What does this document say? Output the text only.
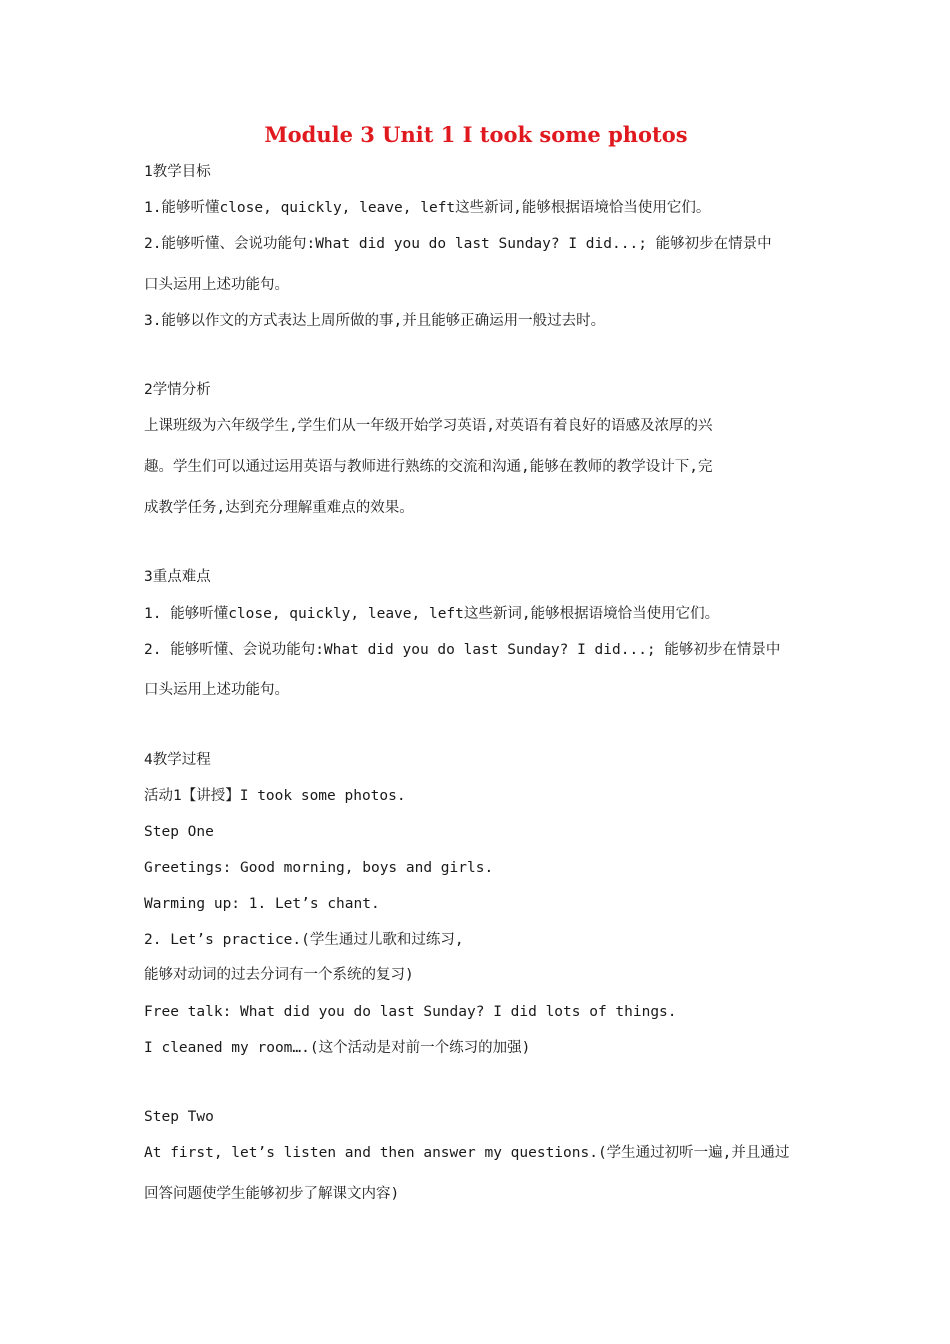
Module 3 Unit 1 I took some photos
1教学目标
1.能够听懂close, quickly, leave, left这些新词,能够根据语境恰当使用它们。
2.能够听懂、会说功能句:What did you do last Sunday? I did...; 能够初步在情景中
口头运用上述功能句。
3.能够以作文的方式表达上周所做的事,并且能够正确运用一般过去时。
2学情分析
上课班级为六年级学生,学生们从一年级开始学习英语,对英语有着良好的语感及浓厚的兴
趣。学生们可以通过运用英语与教师进行熟练的交流和沟通,能够在教师的教学设计下,完
成教学任务,达到充分理解重难点的效果。
3重点难点
1. 能够听懂close, quickly, leave, left这些新词,能够根据语境恰当使用它们。
2. 能够听懂、会说功能句:What did you do last Sunday? I did...; 能够初步在情景中
口头运用上述功能句。
4教学过程
活动1【讲授】I took some photos.
Step One
Greetings: Good morning, boys and girls.
Warming up: 1. Let’s chant.
2. Let’s practice.(学生通过儿歌和过练习,
能够对动词的过去分词有一个系统的复习)
Free talk: What did you do last Sunday? I did lots of things.
I cleaned my room….(这个活动是对前一个练习的加强)
Step Two
At first, let’s listen and then answer my questions.(学生通过初听一遍,并且通过
回答问题使学生能够初步了解课文内容)
